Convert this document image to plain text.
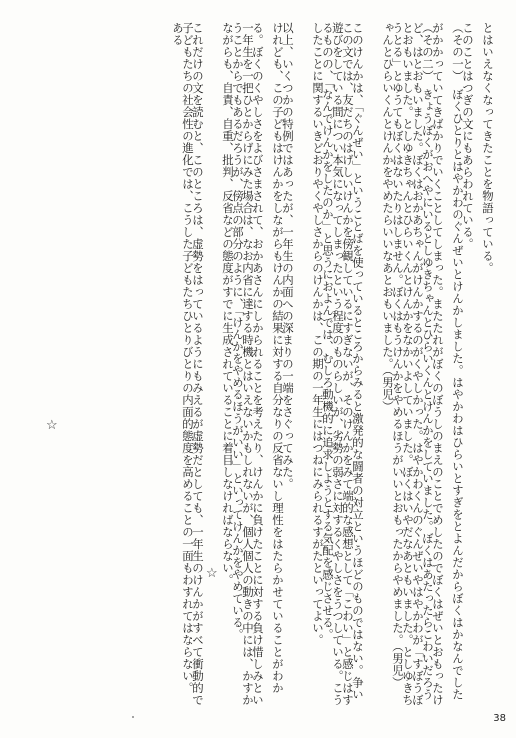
とはいえなくなってきたことを物語っている。
このことはつぎの文にもあらわれている。

（その二）　きょうぼくがおへやにいるとしゆきちゃんとひらいくんとけんかをしていました。ぼくはあたったらこわいだろうとおもいました。としゆきちゃんとひらいくんとけんかをなかいよしていました。ぼくはいやだなあともいました。としゆきちゃんとひらいくんとけんかをやめたらいいなあとおもいました。（男児）

この文では、友だちのはげしいけんかを傍観しているにすぎないが、そのけんかをみて端的な感想として「こわい」と感じはするものの、「なんでけんかをしたのか」と思うにおよんでは、むしろ動機的に追求しようとする気配を感じさせる。

以上、いくつかの特例ではあったが、一年生の内面への深まりの一端をさぐってみた。

一年生を一把ひとからげにみた場合は、なお内省に達する時機とはいえないかもしれないが、個人個人の動きの中には、かすかながらも、自責、自重、批判、反省などの態度がすでに生成されていることに着目しなければならない。

子どもたちの社会性の進化では、こうした子どもたちひとりびとりの内面的態度を高めることの一面もわすれてはならない。
☆
☆
（その一）　ぼくひとりとはやかわのぐんぜいとけんかしました。はやかわはひらいとすぎをとよんだからぼくはかなんでしたがかかっていてきばかりでいくことしてしまった。またたれがぼくのぼうしのまえのことでめしたのでぼくはぜいとおもったけど、はとおもいました。ぼくはおかあちゃんがけんかするのがくやしかった。はやかわくんのぐんぜいやはやかわが「すぼうぼうとる」とゆうてもぼくはないたりはしません。ぼくはもうけんかをやめるほうがいいとおもったからやめました。（男児）

このけんかは、「ぐんぜい」ということばを使っているところからみると激発的な闘者の対立というほどのものではない。争い遊びをしている間につい本気になってしまったという程度のものらしいが、劣勢の弱さに対するくやしさをうつしている。こうしたことに関するいきどおりやくやしさからのけんかは、この期の一年生にはつねにみられるすがたといってよい。

けれども、この子どもはけんかをしながらもけんかの結果に対する自分なりの反省ないし理性をはたらかせていることがわかる。ぼくのくやしさをよびさまされて、おかあさんにしかられることを考えたり、けんかに負けたことに対する負け惜しみということからでもあるだろうが、傍点の部分のように、「けんかをやめるほうがいい」といってけんかをやめている。

これだけの文を読むと、このところは、虚勢をはっているようにもみえるが虚勢だとしても、一年生のけんかがすべて衝動的である
38
